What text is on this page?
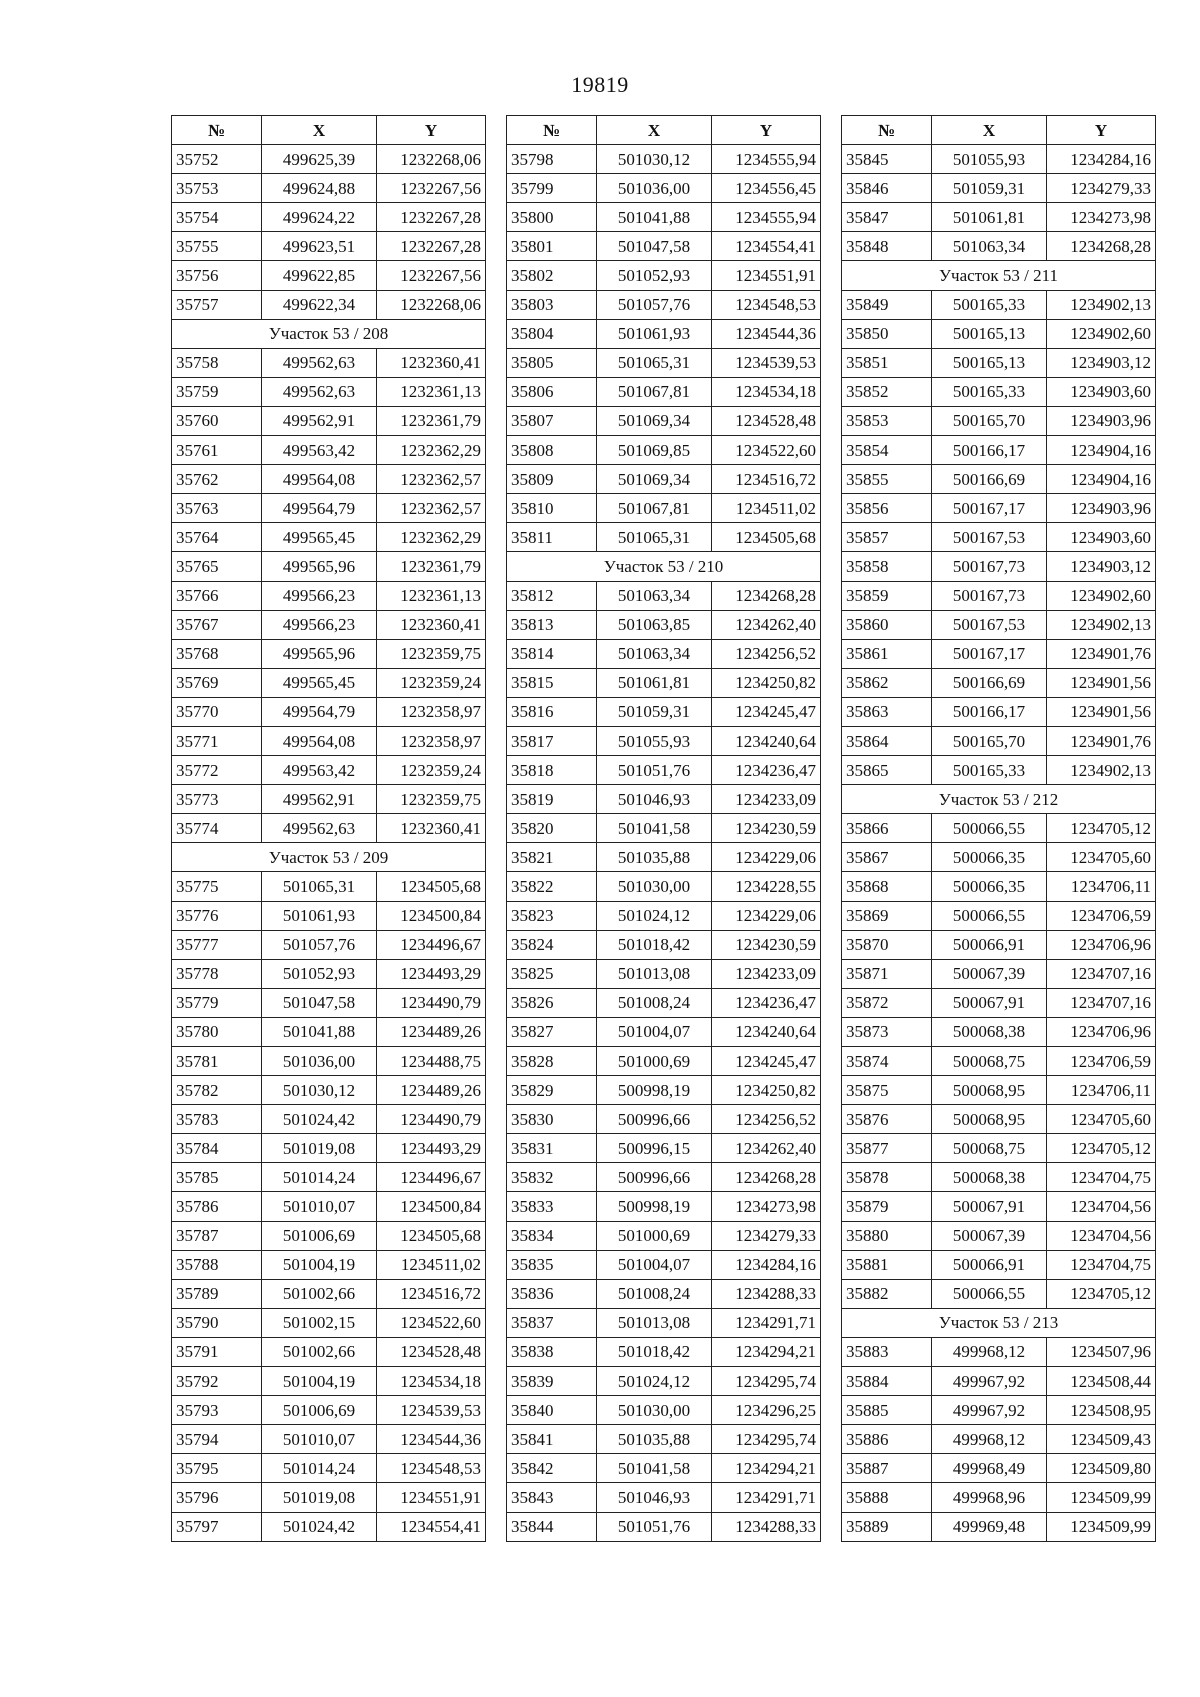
19819
№	X	Y
35752	499625,39	1232268,06
35753	499624,88	1232267,56
35754	499624,22	1232267,28
35755	499623,51	1232267,28
35756	499622,85	1232267,56
35757	499622,34	1232268,06
Участок 53 / 208		
35758	499562,63	1232360,41
35759	499562,63	1232361,13
35760	499562,91	1232361,79
35761	499563,42	1232362,29
35762	499564,08	1232362,57
35763	499564,79	1232362,57
35764	499565,45	1232362,29
35765	499565,96	1232361,79
35766	499566,23	1232361,13
35767	499566,23	1232360,41
35768	499565,96	1232359,75
35769	499565,45	1232359,24
35770	499564,79	1232358,97
35771	499564,08	1232358,97
35772	499563,42	1232359,24
35773	499562,91	1232359,75
35774	499562,63	1232360,41
Участок 53 / 209		
35775	501065,31	1234505,68
35776	501061,93	1234500,84
35777	501057,76	1234496,67
35778	501052,93	1234493,29
35779	501047,58	1234490,79
35780	501041,88	1234489,26
35781	501036,00	1234488,75
35782	501030,12	1234489,26
35783	501024,42	1234490,79
35784	501019,08	1234493,29
35785	501014,24	1234496,67
35786	501010,07	1234500,84
35787	501006,69	1234505,68
35788	501004,19	1234511,02
35789	501002,66	1234516,72
35790	501002,15	1234522,60
35791	501002,66	1234528,48
35792	501004,19	1234534,18
35793	501006,69	1234539,53
35794	501010,07	1234544,36
35795	501014,24	1234548,53
35796	501019,08	1234551,91
35797	501024,42	1234554,41
№	X	Y
35798	501030,12	1234555,94
35799	501036,00	1234556,45
35800	501041,88	1234555,94
35801	501047,58	1234554,41
35802	501052,93	1234551,91
35803	501057,76	1234548,53
35804	501061,93	1234544,36
35805	501065,31	1234539,53
35806	501067,81	1234534,18
35807	501069,34	1234528,48
35808	501069,85	1234522,60
35809	501069,34	1234516,72
35810	501067,81	1234511,02
35811	501065,31	1234505,68
Участок 53 / 210		
35812	501063,34	1234268,28
35813	501063,85	1234262,40
35814	501063,34	1234256,52
35815	501061,81	1234250,82
35816	501059,31	1234245,47
35817	501055,93	1234240,64
35818	501051,76	1234236,47
35819	501046,93	1234233,09
35820	501041,58	1234230,59
35821	501035,88	1234229,06
35822	501030,00	1234228,55
35823	501024,12	1234229,06
35824	501018,42	1234230,59
35825	501013,08	1234233,09
35826	501008,24	1234236,47
35827	501004,07	1234240,64
35828	501000,69	1234245,47
35829	500998,19	1234250,82
35830	500996,66	1234256,52
35831	500996,15	1234262,40
35832	500996,66	1234268,28
35833	500998,19	1234273,98
35834	501000,69	1234279,33
35835	501004,07	1234284,16
35836	501008,24	1234288,33
35837	501013,08	1234291,71
35838	501018,42	1234294,21
35839	501024,12	1234295,74
35840	501030,00	1234296,25
35841	501035,88	1234295,74
35842	501041,58	1234294,21
35843	501046,93	1234291,71
35844	501051,76	1234288,33
№	X	Y
35845	501055,93	1234284,16
35846	501059,31	1234279,33
35847	501061,81	1234273,98
35848	501063,34	1234268,28
Участок 53 / 211		
35849	500165,33	1234902,13
35850	500165,13	1234902,60
35851	500165,13	1234903,12
35852	500165,33	1234903,60
35853	500165,70	1234903,96
35854	500166,17	1234904,16
35855	500166,69	1234904,16
35856	500167,17	1234903,96
35857	500167,53	1234903,60
35858	500167,73	1234903,12
35859	500167,73	1234902,60
35860	500167,53	1234902,13
35861	500167,17	1234901,76
35862	500166,69	1234901,56
35863	500166,17	1234901,56
35864	500165,70	1234901,76
35865	500165,33	1234902,13
Участок 53 / 212		
35866	500066,55	1234705,12
35867	500066,35	1234705,60
35868	500066,35	1234706,11
35869	500066,55	1234706,59
35870	500066,91	1234706,96
35871	500067,39	1234707,16
35872	500067,91	1234707,16
35873	500068,38	1234706,96
35874	500068,75	1234706,59
35875	500068,95	1234706,11
35876	500068,95	1234705,60
35877	500068,75	1234705,12
35878	500068,38	1234704,75
35879	500067,91	1234704,56
35880	500067,39	1234704,56
35881	500066,91	1234704,75
35882	500066,55	1234705,12
Участок 53 / 213		
35883	499968,12	1234507,96
35884	499967,92	1234508,44
35885	499967,92	1234508,95
35886	499968,12	1234509,43
35887	499968,49	1234509,80
35888	499968,96	1234509,99
35889	499969,48	1234509,99
